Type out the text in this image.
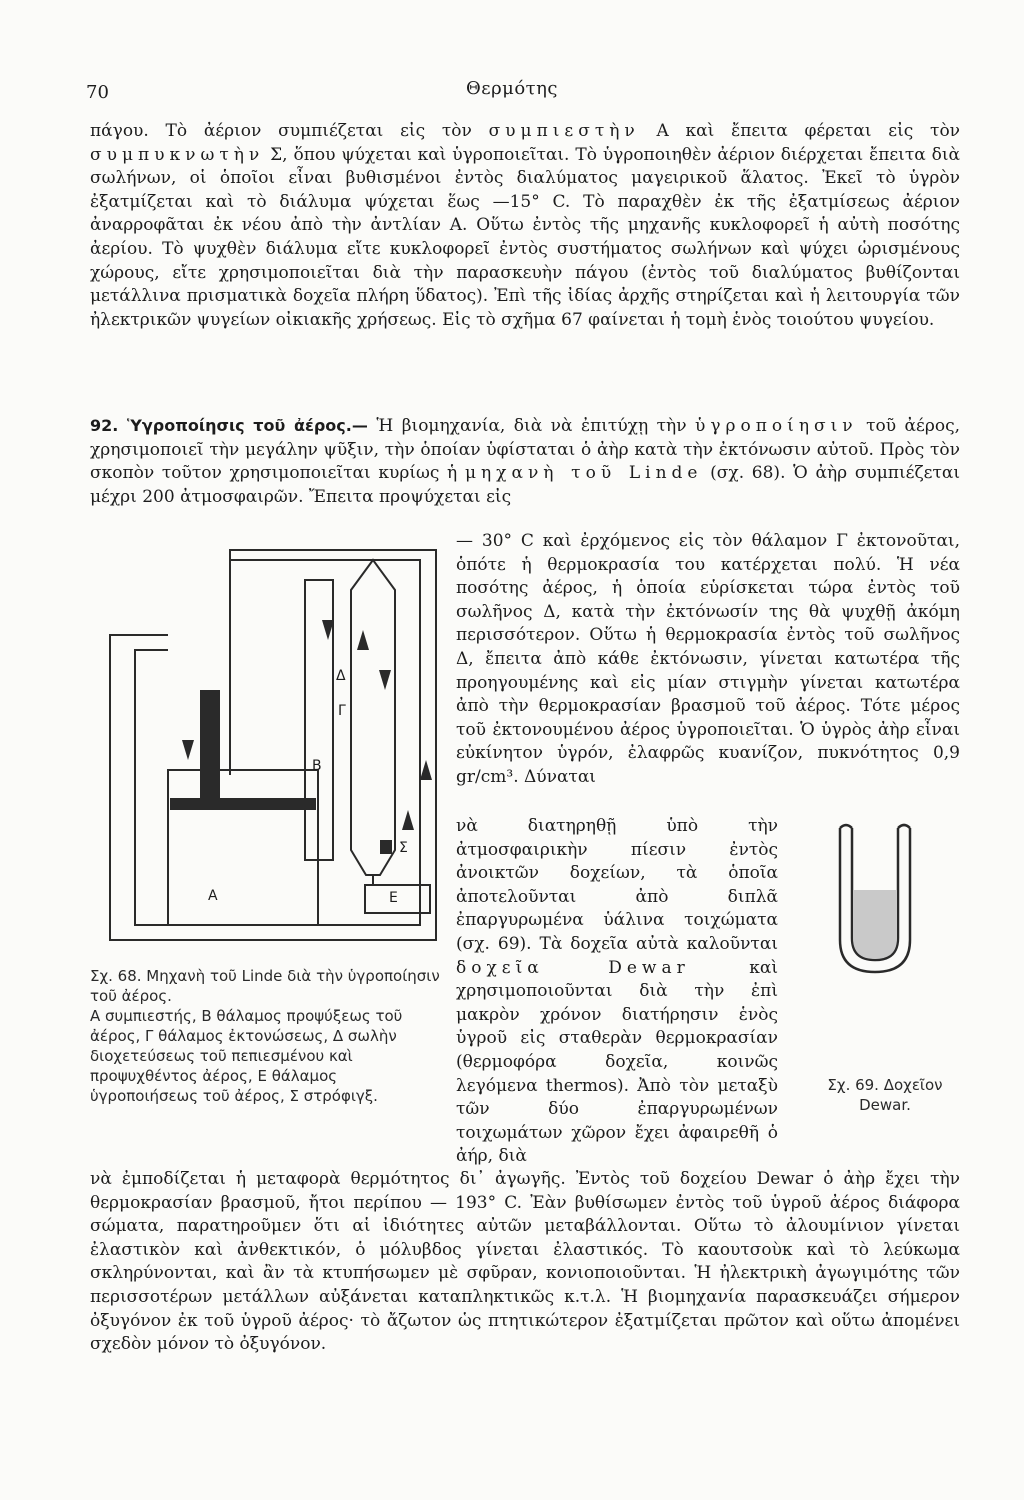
70	Θερμότης

πάγου. Τὸ ἀέριον συμπιέζεται εἰς τὸν συμπιεστὴν Α καὶ ἔπειτα φέρεται εἰς τὸν συμπυκνωτὴν Σ, ὅπου ψύχεται καὶ ὑγροποιεῖται. Τὸ ὑγροποιηθὲν ἀέριον διέρχεται ἔπειτα διὰ σωλήνων, οἱ ὁποῖοι εἶναι βυθισμένοι ἐντὸς διαλύματος μαγειρικοῦ ἅλατος. Ἐκεῖ τὸ ὑγρὸν ἐξατμίζεται καὶ τὸ διάλυμα ψύχεται ἕως —15° C. Τὸ παραχθὲν ἐκ τῆς ἐξατμίσεως ἀέριον ἀναρροφᾶται ἐκ νέου ἀπὸ τὴν ἀντλίαν Α. Οὕτω ἐντὸς τῆς μηχανῆς κυκλοφορεῖ ἡ αὐτὴ ποσότης ἀερίου. Τὸ ψυχθὲν διάλυμα εἴτε κυκλοφορεῖ ἐντὸς συστήματος σωλήνων καὶ ψύχει ὡρισμένους χώρους, εἴτε χρησιμοποιεῖται διὰ τὴν παρασκευὴν πάγου (ἐντὸς τοῦ διαλύματος βυθίζονται μετάλλινα πρισματικὰ δοχεῖα πλήρη ὕδατος). Ἐπὶ τῆς ἰδίας ἀρχῆς στηρίζεται καὶ ἡ λειτουργία τῶν ἠλεκτρικῶν ψυγείων οἰκιακῆς χρήσεως. Εἰς τὸ σχῆμα 67 φαίνεται ἡ τομὴ ἑνὸς τοιούτου ψυγείου.

92. Ὑγροποίησις τοῦ ἀέρος.— Ἡ βιομηχανία, διὰ νὰ ἐπιτύχῃ τὴν ὑγροποίησιν τοῦ ἀέρος, χρησιμοποιεῖ τὴν μεγάλην ψῦξιν, τὴν ὁποίαν ὑφίσταται ὁ ἀὴρ κατὰ τὴν ἐκτόνωσιν αὐτοῦ. Πρὸς τὸν σκοπὸν τοῦτον χρησιμοποιεῖται κυρίως ἡ μηχανὴ τοῦ Linde (σχ. 68). Ὁ ἀὴρ συμπιέζεται μέχρι 200 ἀτμοσφαιρῶν. Ἔπειτα προψύχεται εἰς

— 30° C καὶ ἐρχόμενος εἰς τὸν θάλαμον Γ ἐκτονοῦται, ὁπότε ἡ θερμοκρασία του κατέρχεται πολύ. Ἡ νέα ποσότης ἀέρος, ἡ ὁποία εὑρίσκεται τώρα ἐντὸς τοῦ σωλῆνος Δ, κατὰ τὴν ἐκτόνωσίν της θὰ ψυχθῇ ἀκόμη περισσότερον. Οὕτω ἡ θερμοκρασία ἐντὸς τοῦ σωλῆνος Δ, ἔπειτα ἀπὸ κάθε ἐκτόνωσιν, γίνεται κατωτέρα τῆς προηγουμένης καὶ εἰς μίαν στιγμὴν γίνεται κατωτέρα ἀπὸ τὴν θερμοκρασίαν βρασμοῦ τοῦ ἀέρος. Τότε μέρος τοῦ ἐκτονουμένου ἀέρος ὑγροποιεῖται. Ὁ ὑγρὸς ἀὴρ εἶναι εὐκίνητον ὑγρόν, ἐλαφρῶς κυανίζον, πυκνότητος 0,9 gr/cm³. Δύναται

νὰ διατηρηθῇ ὑπὸ τὴν ἀτμοσφαιρικὴν πίεσιν ἐντὸς ἀνοικτῶν δοχείων, τὰ ὁποῖα ἀποτελοῦνται ἀπὸ διπλᾶ ἐπαργυρωμένα ὑάλινα τοιχώματα (σχ. 69). Τὰ δοχεῖα αὐτὰ καλοῦνται δοχεῖα Dewar	καὶ χρησιμοποιοῦνται διὰ τὴν ἐπὶ μακρὸν χρόνον διατήρησιν ἑνὸς ὑγροῦ εἰς σταθερὰν θερμοκρασίαν (θερμοφόρα δοχεῖα, κοινῶς λεγόμενα thermos). Ἀπὸ τὸν μεταξὺ τῶν δύο ἐπαργυρωμένων τοιχωμάτων χῶρον ἔχει ἀφαιρεθῆ ὁ ἀήρ, διὰ

νὰ ἐμποδίζεται ἡ μεταφορὰ θερμότητος δι᾽ ἀγωγῆς. Ἐντὸς τοῦ δοχείου Dewar ὁ ἀὴρ ἔχει τὴν θερμοκρασίαν βρασμοῦ, ἤτοι περίπου — 193° C. Ἐὰν βυθίσωμεν ἐντὸς τοῦ ὑγροῦ ἀέρος διάφορα σώματα, παρατηροῦμεν ὅτι αἱ ἰδιότητες αὐτῶν μεταβάλλονται. Οὕτω τὸ ἀλουμίνιον γίνεται ἐλαστικὸν καὶ ἀνθεκτικόν, ὁ μόλυβδος γίνεται ἐλαστικός. Τὸ καουτσοὺκ καὶ τὸ λεύκωμα σκληρύνονται, καὶ ἂν τὰ κτυπήσωμεν μὲ σφῦραν, κονιοποιοῦνται. Ἡ ἠλεκτρικὴ ἀγωγιμότης τῶν περισσοτέρων μετάλλων αὐξάνεται καταπληκτικῶς κ.τ.λ. Ἡ βιομηχανία παρασκευάζει σήμερον ὀξυγόνον ἐκ τοῦ ὑγροῦ ἀέρος· τὸ ἄζωτον ὡς πτητικώτερον ἐξατμίζεται πρῶτον καὶ οὕτω ἀπομένει σχεδὸν μόνον τὸ ὀξυγόνον.

A
B
Γ
Δ
E
Σ
Σχ. 68. Μηχανὴ τοῦ Linde διὰ τὴν ὑγροποίησιν τοῦ ἀέρος.
Α συμπιεστής, Β θάλαμος προψύξεως τοῦ ἀέρος, Γ θάλαμος ἐκτονώσεως, Δ σωλὴν διοχετεύσεως τοῦ πεπιεσμένου καὶ προψυχθέντος ἀέρος, Ε θάλαμος ὑγροποιήσεως τοῦ ἀέρος, Σ στρόφιγξ.
Σχ. 69. Δοχεῖον Dewar.
